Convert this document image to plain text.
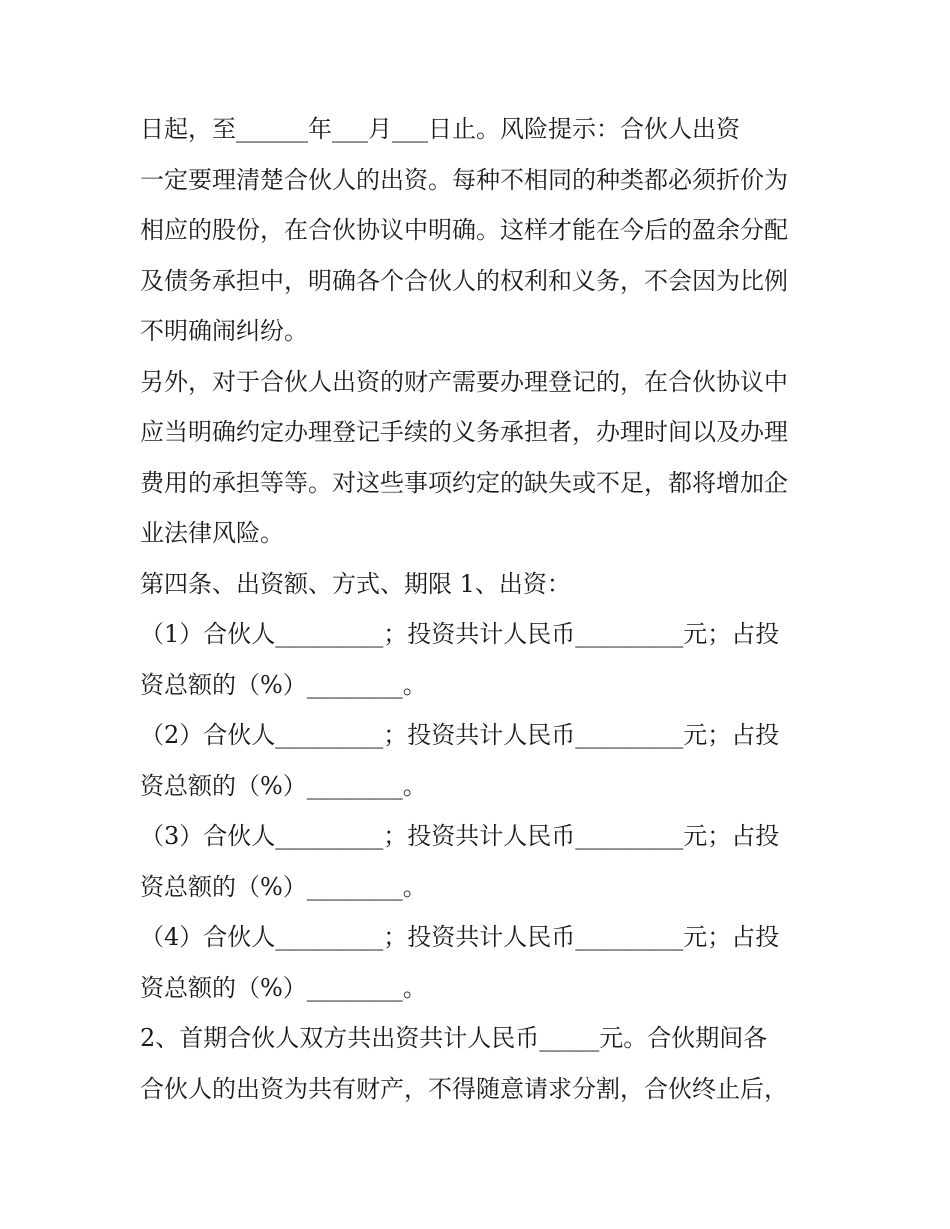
日起，至______年___月___日止。风险提示：合伙人出资
一定要理清楚合伙人的出资。每种不相同的种类都必须折价为
相应的股份，在合伙协议中明确。这样才能在今后的盈余分配
及债务承担中，明确各个合伙人的权利和义务，不会因为比例
不明确闹纠纷。
另外，对于合伙人出资的财产需要办理登记的，在合伙协议中
应当明确约定办理登记手续的义务承担者，办理时间以及办理
费用的承担等等。对这些事项约定的缺失或不足，都将增加企
业法律风险。
第四条、出资额、方式、期限 1、出资：
（1）合伙人_________；投资共计人民币_________元；占投
资总额的（%）________。
（2）合伙人_________；投资共计人民币_________元；占投
资总额的（%）________。
（3）合伙人_________；投资共计人民币_________元；占投
资总额的（%）________。
（4）合伙人_________；投资共计人民币_________元；占投
资总额的（%）________。
2、首期合伙人双方共出资共计人民币_____元。合伙期间各
合伙人的出资为共有财产，不得随意请求分割，合伙终止后，
